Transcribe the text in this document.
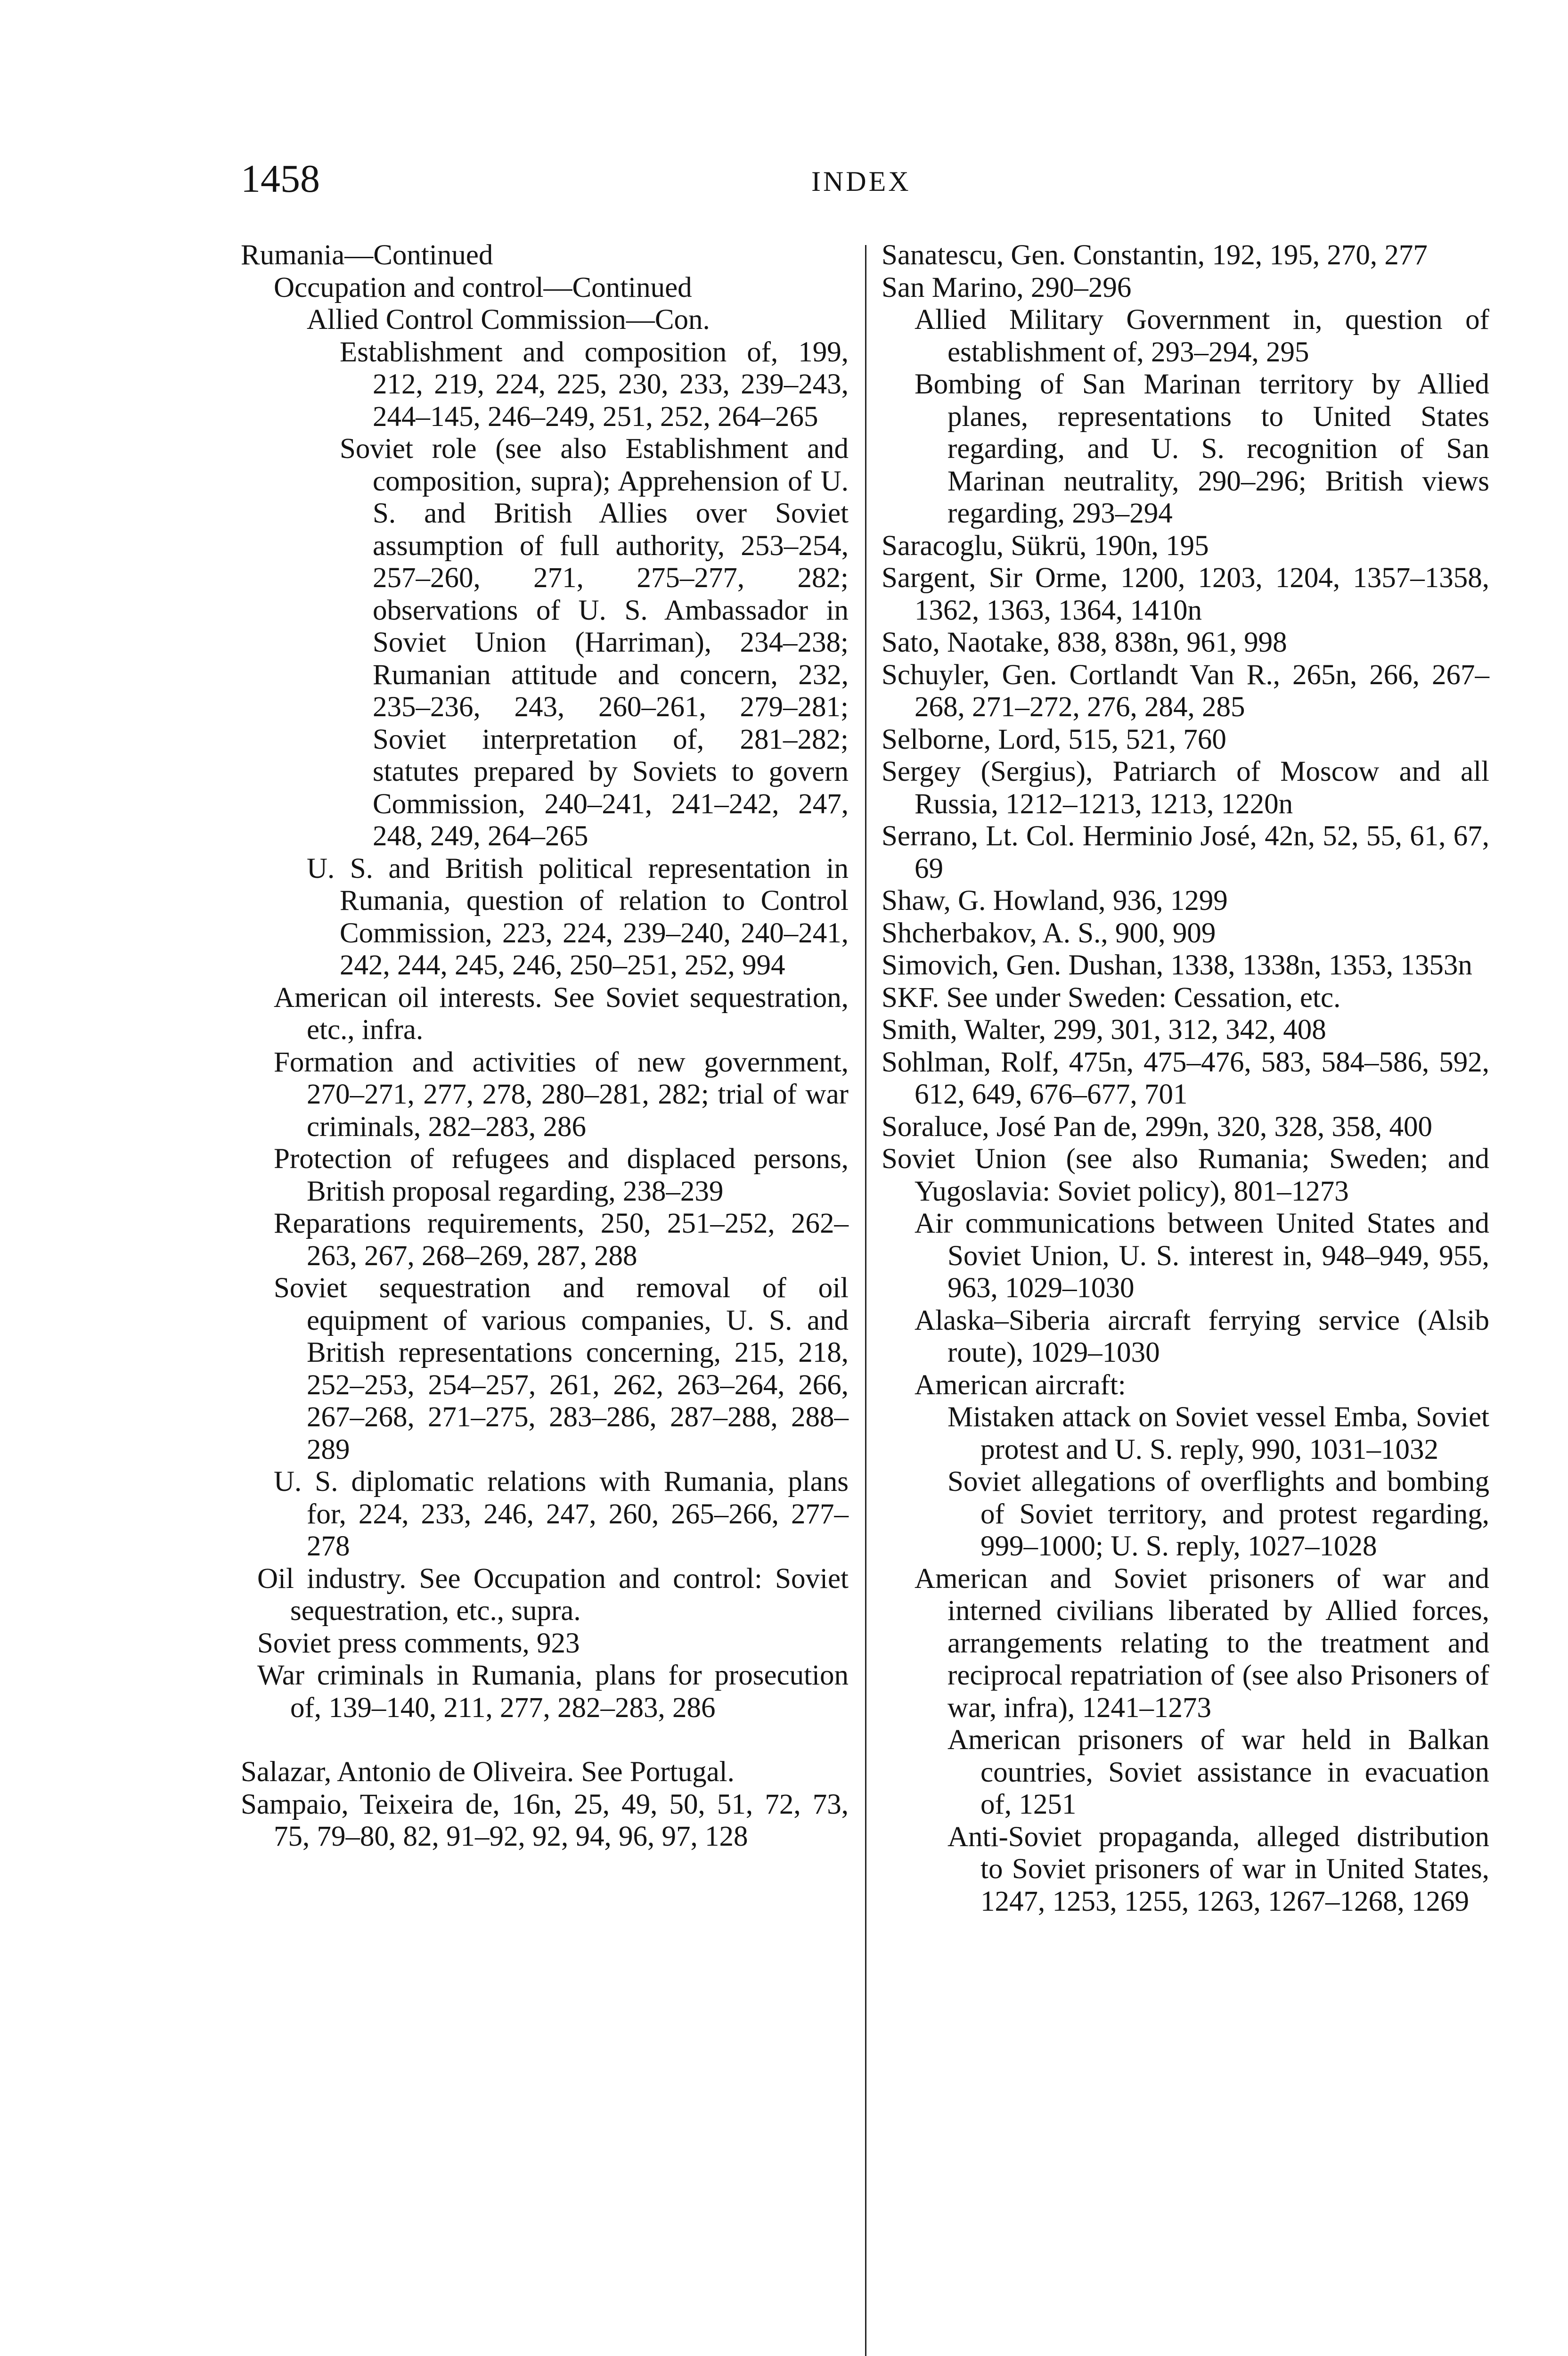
1458	INDEX
Rumania—Continued
Occupation and control—Continued
Allied Control Commission—Con.
Establishment and composition of, 199, 212, 219, 224, 225, 230, 233, 239–243, 244–145, 246–249, 251, 252, 264–265
Soviet role (see also Establishment and composition, supra); Apprehension of U. S. and British Allies over Soviet assumption of full authority, 253–254, 257–260, 271, 275–277, 282; observations of U. S. Ambassador in Soviet Union (Harriman), 234–238; Rumanian attitude and concern, 232, 235–236, 243, 260–261, 279–281; Soviet interpretation of, 281–282; statutes prepared by Soviets to govern Commission, 240–241, 241–242, 247, 248, 249, 264–265
U. S. and British political representation in Rumania, question of relation to Control Commission, 223, 224, 239–240, 240–241, 242, 244, 245, 246, 250–251, 252, 994
American oil interests. See Soviet sequestration, etc., infra.
Formation and activities of new government, 270–271, 277, 278, 280–281, 282; trial of war criminals, 282–283, 286
Protection of refugees and displaced persons, British proposal regarding, 238–239
Reparations requirements, 250, 251–252, 262–263, 267, 268–269, 287, 288
Soviet sequestration and removal of oil equipment of various companies, U. S. and British representations concerning, 215, 218, 252–253, 254–257, 261, 262, 263–264, 266, 267–268, 271–275, 283–286, 287–288, 288–289
U. S. diplomatic relations with Rumania, plans for, 224, 233, 246, 247, 260, 265–266, 277–278
Oil industry. See Occupation and control: Soviet sequestration, etc., supra.
Soviet press comments, 923
War criminals in Rumania, plans for prosecution of, 139–140, 211, 277, 282–283, 286
Salazar, Antonio de Oliveira. See Portugal.
Sampaio, Teixeira de, 16n, 25, 49, 50, 51, 72, 73, 75, 79–80, 82, 91–92, 92, 94, 96, 97, 128
Sanatescu, Gen. Constantin, 192, 195, 270, 277
San Marino, 290–296
Allied Military Government in, question of establishment of, 293–294, 295
Bombing of San Marinan territory by Allied planes, representations to United States regarding, and U. S. recognition of San Marinan neutrality, 290–296; British views regarding, 293–294
Saracoglu, Sükrü, 190n, 195
Sargent, Sir Orme, 1200, 1203, 1204, 1357–1358, 1362, 1363, 1364, 1410n
Sato, Naotake, 838, 838n, 961, 998
Schuyler, Gen. Cortlandt Van R., 265n, 266, 267–268, 271–272, 276, 284, 285
Selborne, Lord, 515, 521, 760
Sergey (Sergius), Patriarch of Moscow and all Russia, 1212–1213, 1213, 1220n
Serrano, Lt. Col. Herminio José, 42n, 52, 55, 61, 67, 69
Shaw, G. Howland, 936, 1299
Shcherbakov, A. S., 900, 909
Simovich, Gen. Dushan, 1338, 1338n, 1353, 1353n
SKF. See under Sweden: Cessation, etc.
Smith, Walter, 299, 301, 312, 342, 408
Sohlman, Rolf, 475n, 475–476, 583, 584–586, 592, 612, 649, 676–677, 701
Soraluce, José Pan de, 299n, 320, 328, 358, 400
Soviet Union (see also Rumania; Sweden; and Yugoslavia: Soviet policy), 801–1273
Air communications between United States and Soviet Union, U. S. interest in, 948–949, 955, 963, 1029–1030
Alaska–Siberia aircraft ferrying service (Alsib route), 1029–1030
American aircraft:
Mistaken attack on Soviet vessel Emba, Soviet protest and U. S. reply, 990, 1031–1032
Soviet allegations of overflights and bombing of Soviet territory, and protest regarding, 999–1000; U. S. reply, 1027–1028
American and Soviet prisoners of war and interned civilians liberated by Allied forces, arrangements relating to the treatment and reciprocal repatriation of (see also Prisoners of war, infra), 1241–1273
American prisoners of war held in Balkan countries, Soviet assistance in evacuation of, 1251
Anti-Soviet propaganda, alleged distribution to Soviet prisoners of war in United States, 1247, 1253, 1255, 1263, 1267–1268, 1269
